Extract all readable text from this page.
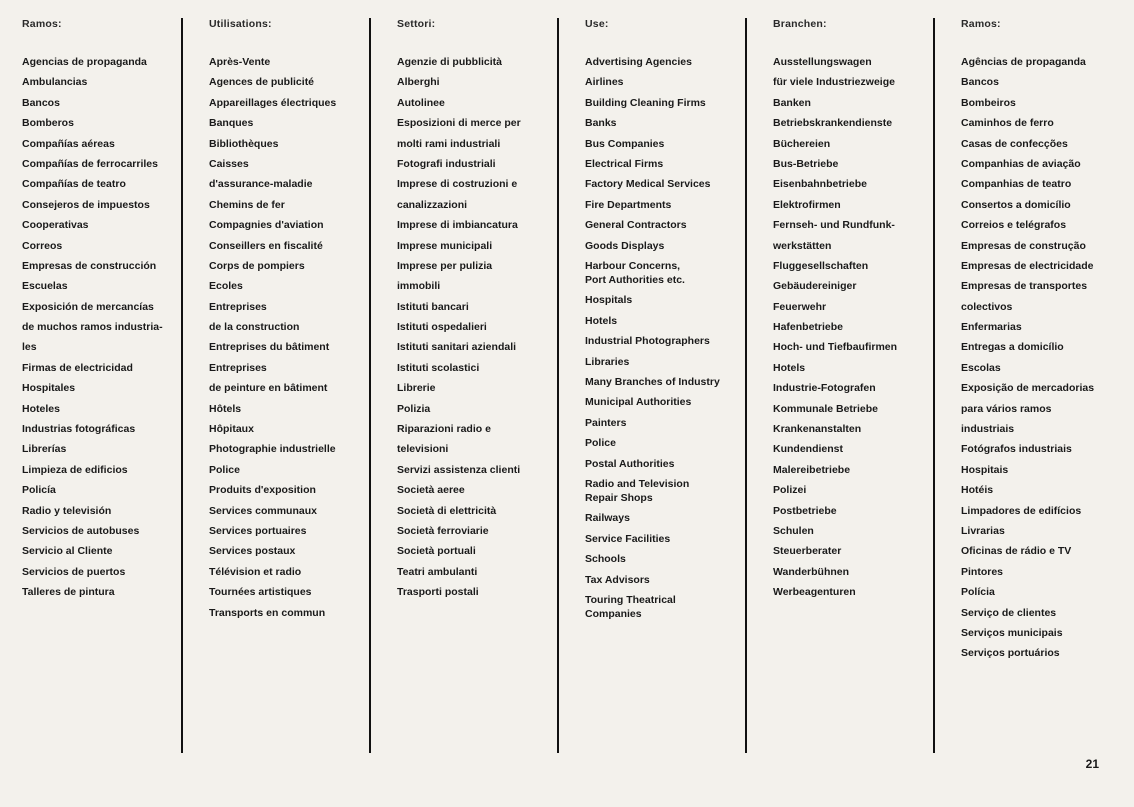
Ramos:
Agencias de propaganda
Ambulancias
Bancos
Bomberos
Compañías aéreas
Compañías de ferrocarriles
Compañías de teatro
Consejeros de impuestos
Cooperativas
Correos
Empresas de construcción
Escuelas
Exposición de mercancías
de muchos ramos industria-
les
Firmas de electricidad
Hospitales
Hoteles
Industrias fotográficas
Librerías
Limpieza de edificios
Policía
Radio y televisión
Servicios de autobuses
Servicio al Cliente
Servicios de puertos
Talleres de pintura
Utilisations:
Après-Vente
Agences de publicité
Appareillages électriques
Banques
Bibliothèques
Caisses
d'assurance-maladie
Chemins de fer
Compagnies d'aviation
Conseillers en fiscalité
Corps de pompiers
Ecoles
Entreprises
de la construction
Entreprises du bâtiment
Entreprises
de peinture en bâtiment
Hôtels
Hôpitaux
Photographie industrielle
Police
Produits d'exposition
Services communaux
Services portuaires
Services postaux
Télévision et radio
Tournées artistiques
Transports en commun
Settori:
Agenzie di pubblicità
Alberghi
Autolinee
Esposizioni di merce per
molti rami industriali
Fotografi industriali
Imprese di costruzioni e
canalizzazioni
Imprese di imbiancatura
Imprese municipali
Imprese per pulizia
immobili
Istituti bancari
Istituti ospedalieri
Istituti sanitari aziendali
Istituti scolastici
Librerie
Polizia
Riparazioni radio e
televisioni
Servizi assistenza clienti
Società aeree
Società di elettricità
Società ferroviarie
Società portuali
Teatri ambulanti
Trasporti postali
Use:
Advertising Agencies
Airlines
Building Cleaning Firms
Banks
Bus Companies
Electrical Firms
Factory Medical Services
Fire Departments
General Contractors
Goods Displays
Harbour Concerns,
Port Authorities etc.
Hospitals
Hotels
Industrial Photographers
Libraries
Many Branches of Industry
Municipal Authorities
Painters
Police
Postal Authorities
Radio and Television
Repair Shops
Railways
Service Facilities
Schools
Tax Advisors
Touring Theatrical
Companies
Branchen:
Ausstellungswagen
für viele Industriezweige
Banken
Betriebskrankendienste
Büchereien
Bus-Betriebe
Eisenbahnbetriebe
Elektrofirmen
Fernseh- und Rundfunk-
werkstätten
Fluggesellschaften
Gebäudereiniger
Feuerwehr
Hafenbetriebe
Hoch- und Tiefbaufirmen
Hotels
Industrie-Fotografen
Kommunale Betriebe
Krankenanstalten
Kundendienst
Malereibetriebe
Polizei
Postbetriebe
Schulen
Steuerberater
Wanderbühnen
Werbeagenturen
Ramos:
Agências de propaganda
Bancos
Bombeiros
Caminhos de ferro
Casas de confecções
Companhias de aviação
Companhias de teatro
Consertos a domicílio
Correios e telégrafos
Empresas de construção
Empresas de electricidade
Empresas de transportes
colectivos
Enfermarias
Entregas a domicílio
Escolas
Exposição de mercadorias
para vários ramos
industriais
Fotógrafos industriais
Hospitais
Hotéis
Limpadores de edifícios
Livrarias
Oficinas de rádio e TV
Pintores
Polícia
Serviço de clientes
Serviços municipais
Serviços portuários
21
